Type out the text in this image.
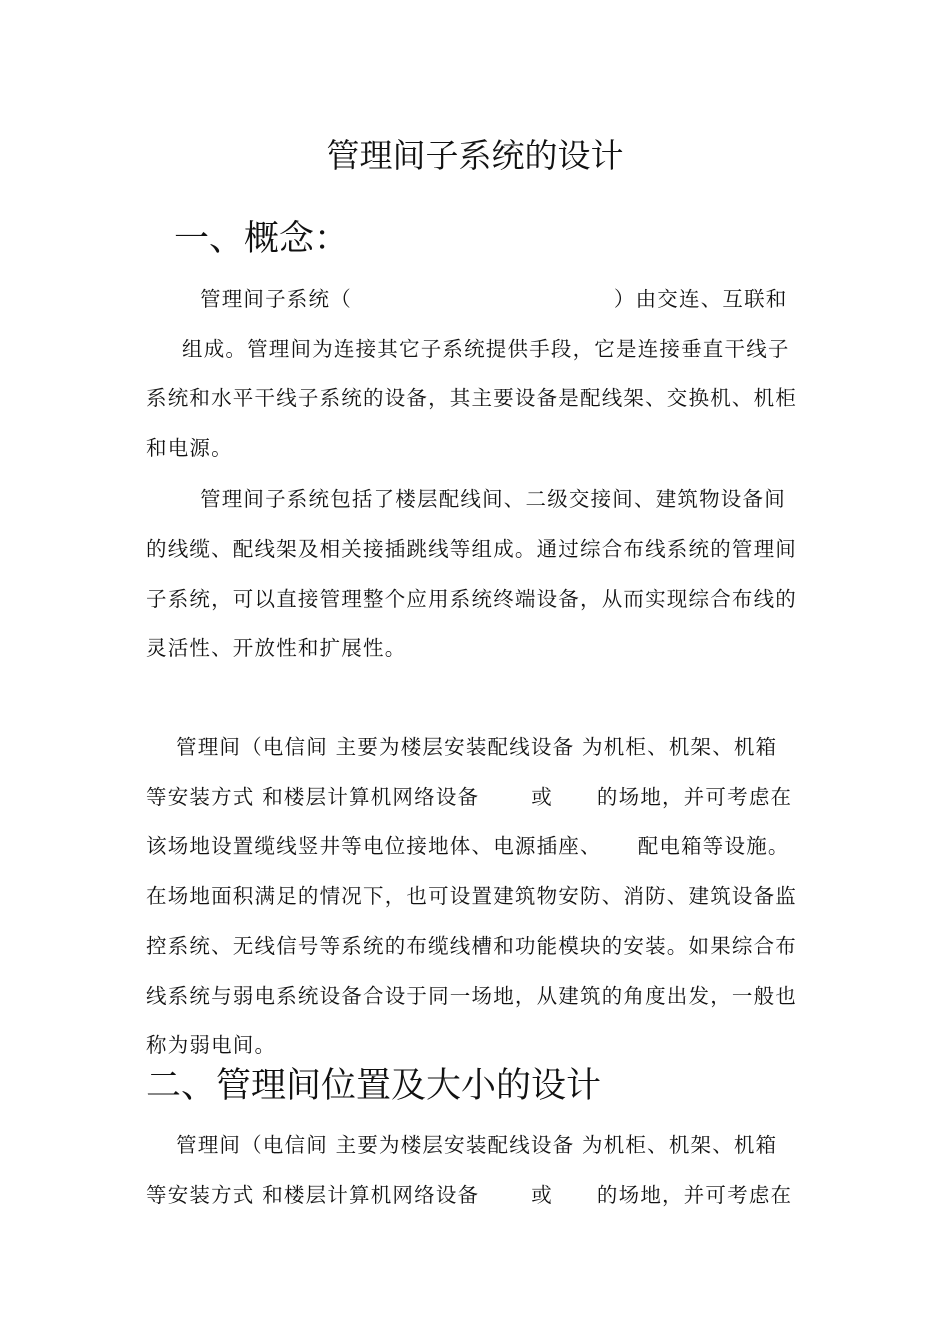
管理间子系统的设计
一、概念：
管理间子系统（	）由交连、互联和
组成。管理间为连接其它子系统提供手段，它是连接垂直干线子
系统和水平干线子系统的设备，其主要设备是配线架、交换机、机柜
和电源。
管理间子系统包括了楼层配线间、二级交接间、建筑物设备间
的线缆、配线架及相关接插跳线等组成。通过综合布线系统的管理间
子系统，可以直接管理整个应用系统终端设备，从而实现综合布线的
灵活性、开放性和扩展性。
管理间（电信间 主要为楼层安装配线设备 为机柜、机架、机箱
等安装方式 和楼层计算机网络设备	或 的场地，并可考虑在
该场地设置缆线竖井等电位接地体、电源插座、 配电箱等设施。
在场地面积满足的情况下，也可设置建筑物安防、消防、建筑设备监
控系统、无线信号等系统的布缆线槽和功能模块的安装。如果综合布
线系统与弱电系统设备合设于同一场地，从建筑的角度出发，一般也
称为弱电间。
二、管理间位置及大小的设计
管理间（电信间 主要为楼层安装配线设备 为机柜、机架、机箱
等安装方式 和楼层计算机网络设备	或 的场地，并可考虑在
